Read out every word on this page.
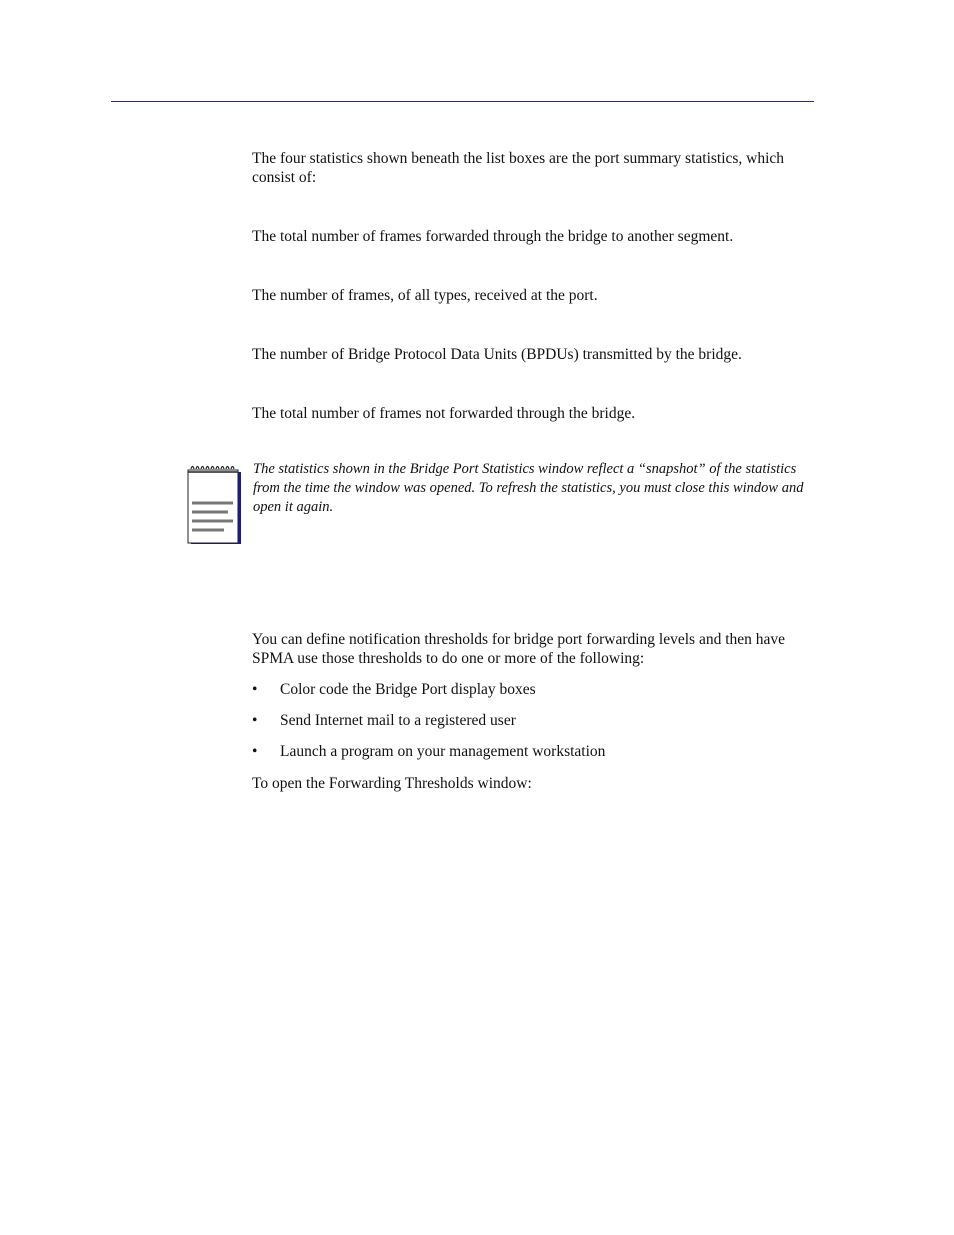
The four statistics shown beneath the list boxes are the port summary statistics, which consist of:

The total number of frames forwarded through the bridge to another segment.

The number of frames, of all types, received at the port.

The number of Bridge Protocol Data Units (BPDUs) transmitted by the bridge.

The total number of frames not forwarded through the bridge.

The statistics shown in the Bridge Port Statistics window reflect a “snapshot” of the statistics from the time the window was opened. To refresh the statistics, you must close this window and open it again.

You can define notification thresholds for bridge port forwarding levels and then have SPMA use those thresholds to do one or more of the following:

• Color code the Bridge Port display boxes
• Send Internet mail to a registered user
• Launch a program on your management workstation

To open the Forwarding Thresholds window:
